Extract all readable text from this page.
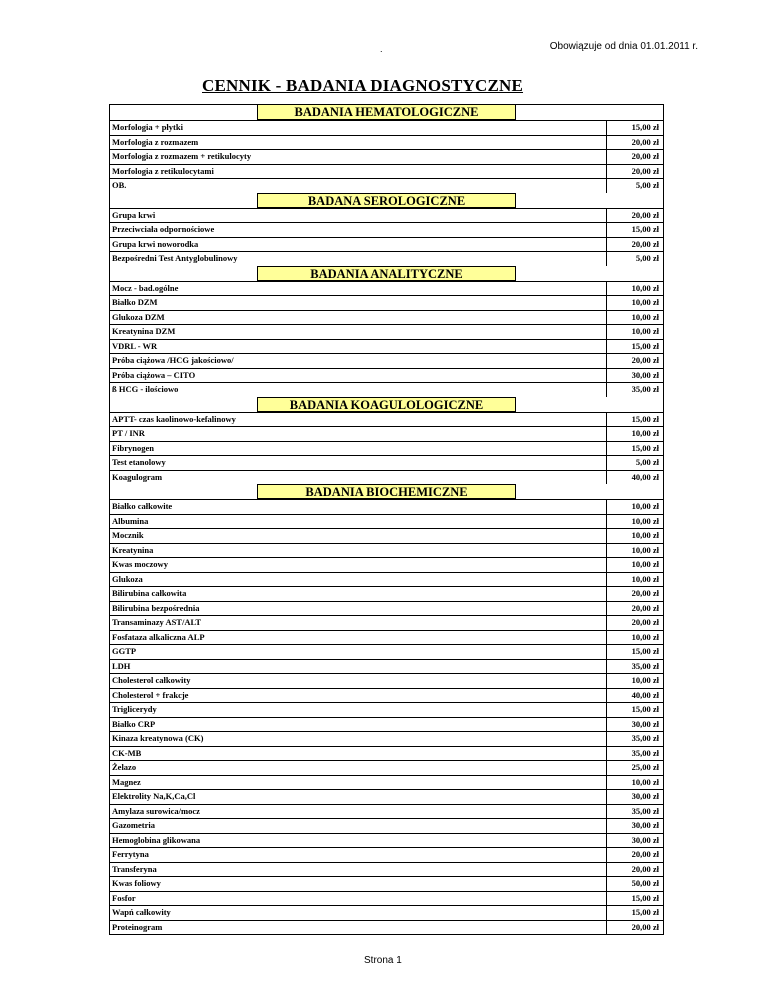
.	Obowiązuje od dnia 01.01.2011 r.
CENNIK - BADANIA DIAGNOSTYCZNE
BADANIA HEMATOLOGICZNE
Morfologia + płytki	15,00 zł
Morfologia z rozmazem	20,00 zł
Morfologia z rozmazem + retikulocyty	20,00 zł
Morfologia z retikulocytami	20,00 zł
OB.	5,00 zł
BADANA SEROLOGICZNE
Grupa krwi	20,00 zł
Przeciwciała odpornościowe	15,00 zł
Grupa krwi noworodka	20,00 zł
Bezpośredni Test Antyglobulinowy	5,00 zł
BADANIA ANALITYCZNE
Mocz - bad.ogólne	10,00 zł
Białko DZM	10,00 zł
Glukoza DZM	10,00 zł
Kreatynina DZM	10,00 zł
VDRL - WR	15,00 zł
Próba ciążowa /HCG jakościowo/	20,00 zł
Próba ciążowa – CITO	30,00 zł
ß HCG - ilościowo	35,00 zł
BADANIA KOAGULOLOGICZNE
APTT- czas kaolinowo-kefalinowy	15,00 zł
PT / INR	10,00 zł
Fibrynogen	15,00 zł
Test etanolowy	5,00 zł
Koagulogram	40,00 zł
BADANIA BIOCHEMICZNE
Białko całkowite	10,00 zł
Albumina	10,00 zł
Mocznik	10,00 zł
Kreatynina	10,00 zł
Kwas moczowy	10,00 zł
Glukoza	10,00 zł
Bilirubina całkowita	20,00 zł
Bilirubina bezpośrednia	20,00 zł
Transaminazy AST/ALT	20,00 zł
Fosfataza alkaliczna ALP	10,00 zł
GGTP	15,00 zł
LDH	35,00 zł
Cholesterol całkowity	10,00 zł
Cholesterol + frakcje	40,00 zł
Triglicerydy	15,00 zł
Białko CRP	30,00 zł
Kinaza kreatynowa (CK)	35,00 zł
CK-MB	35,00 zł
Żelazo	25,00 zł
Magnez	10,00 zł
Elektrolity Na,K,Ca,Cl	30,00 zł
Amylaza surowica/mocz	35,00 zł
Gazometria	30,00 zł
Hemoglobina glikowana	30,00 zł
Ferrytyna	20,00 zł
Transferyna	20,00 zł
Kwas foliowy	50,00 zł
Fosfor	15,00 zł
Wapń całkowity	15,00 zł
Proteinogram	20,00 zł
Strona 1
